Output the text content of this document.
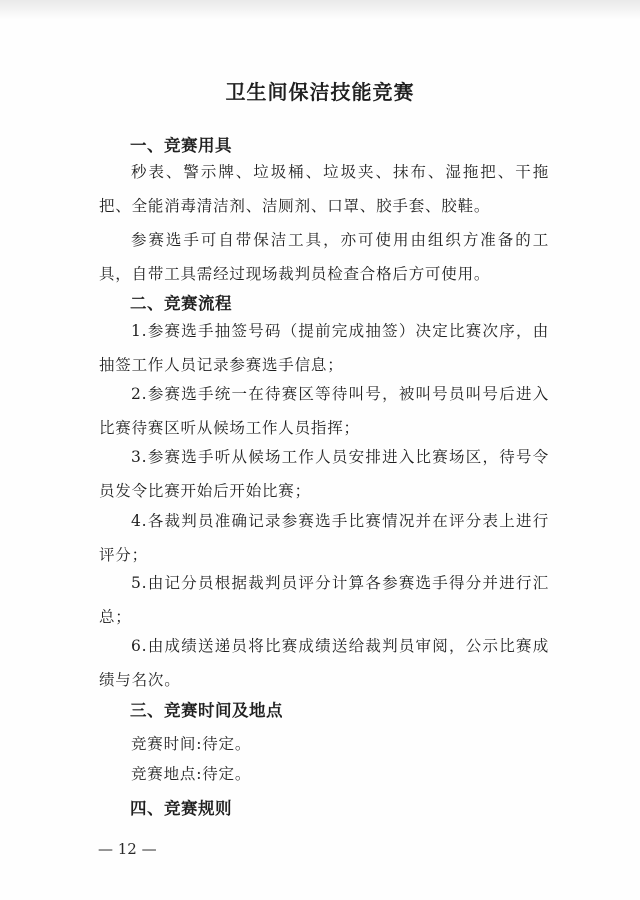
卫生间保洁技能竞赛
一、竞赛用具
秒表、警示牌、垃圾桶、垃圾夹、抹布、湿拖把、干拖把、全能消毒清洁剂、洁厕剂、口罩、胶手套、胶鞋。
参赛选手可自带保洁工具，亦可使用由组织方准备的工具，自带工具需经过现场裁判员检查合格后方可使用。
二、竞赛流程
1.参赛选手抽签号码（提前完成抽签）决定比赛次序，由抽签工作人员记录参赛选手信息；
2.参赛选手统一在待赛区等待叫号，被叫号员叫号后进入比赛待赛区听从候场工作人员指挥；
3.参赛选手听从候场工作人员安排进入比赛场区，待号令员发令比赛开始后开始比赛；
4.各裁判员准确记录参赛选手比赛情况并在评分表上进行评分；
5.由记分员根据裁判员评分计算各参赛选手得分并进行汇总；
6.由成绩送递员将比赛成绩送给裁判员审阅，公示比赛成绩与名次。
三、竞赛时间及地点
竞赛时间:待定。
竞赛地点:待定。
四、竞赛规则
— 12 —
